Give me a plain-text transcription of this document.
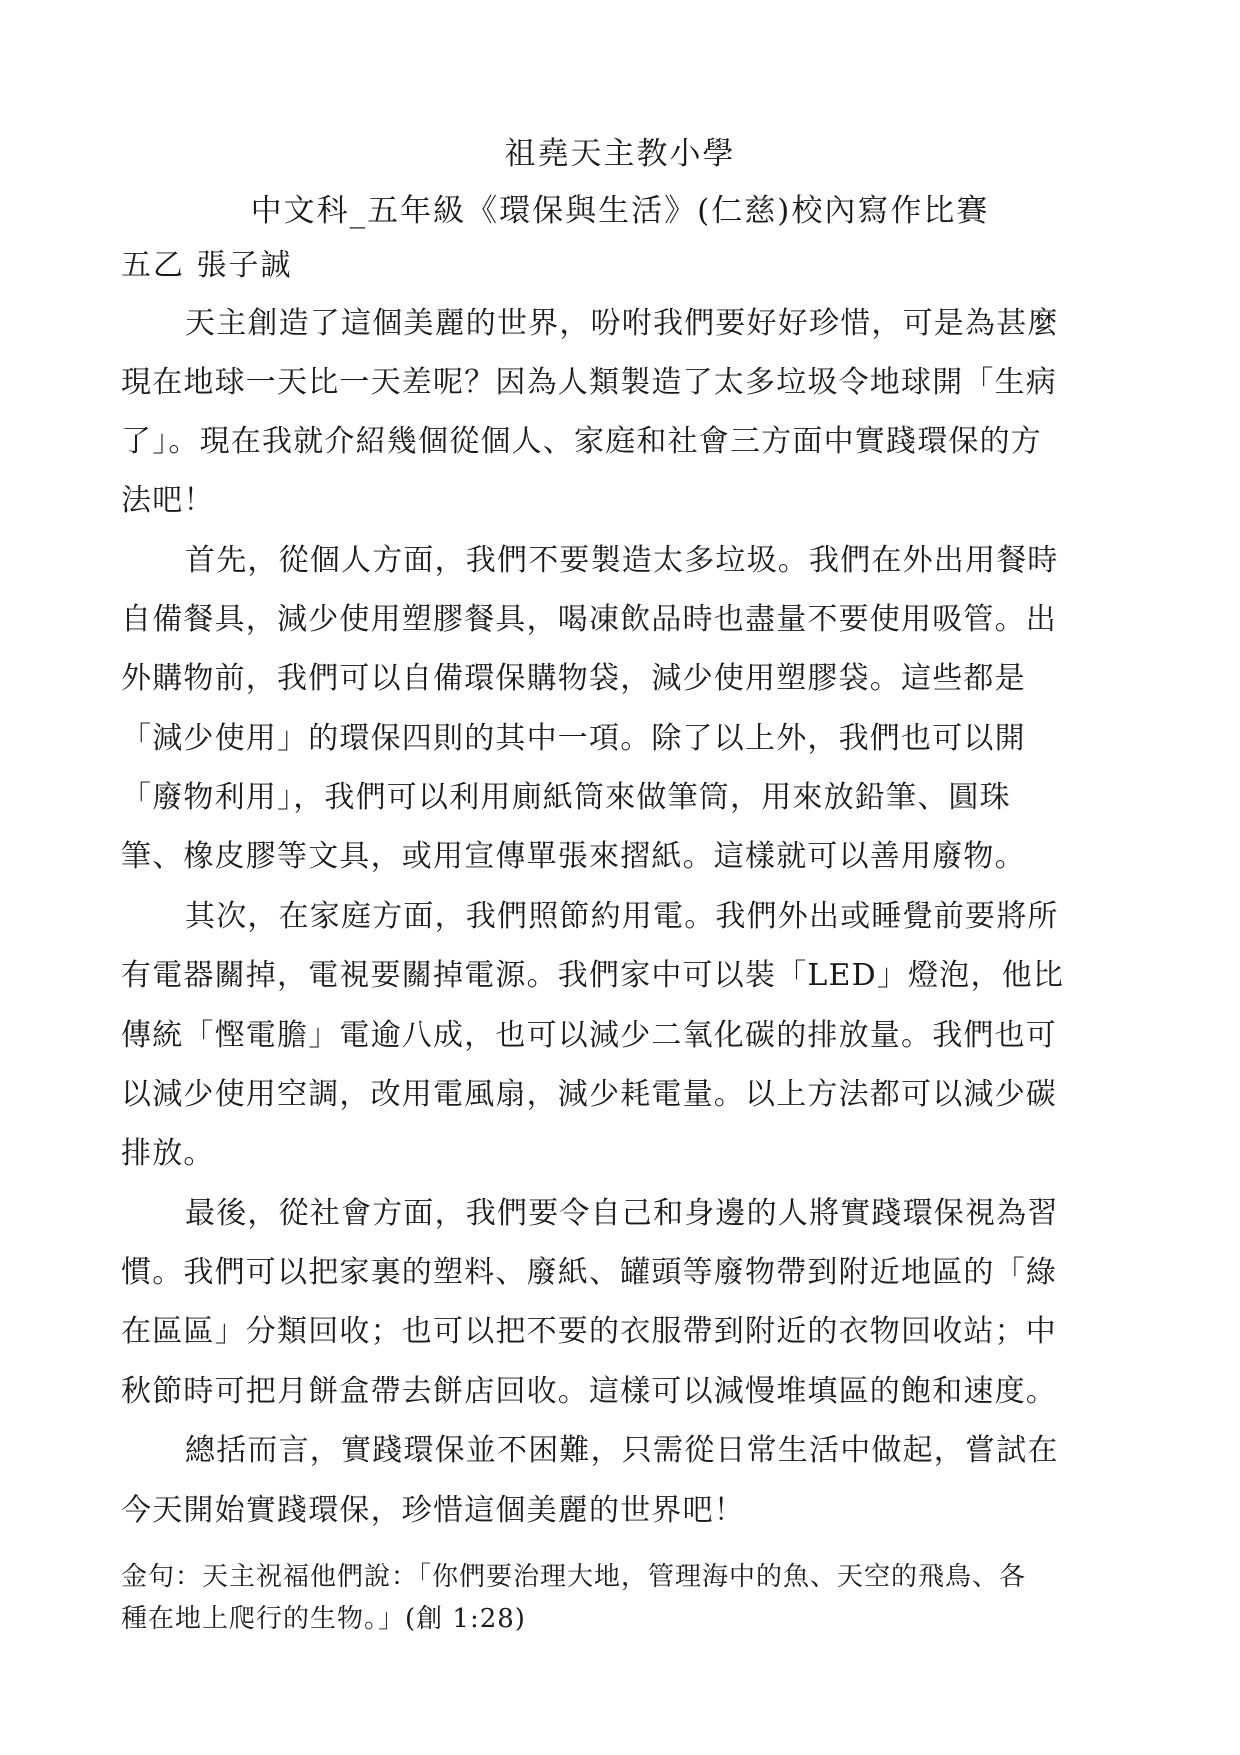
祖堯天主教小學
中文科_五年級《環保與生活》(仁慈)校內寫作比賽
五乙 張子誠
天主創造了這個美麗的世界，吩咐我們要好好珍惜，可是為甚麼
現在地球一天比一天差呢？因為人類製造了太多垃圾令地球開「生病
了」。現在我就介紹幾個從個人、家庭和社會三方面中實踐環保的方
法吧！
首先，從個人方面，我們不要製造太多垃圾。我們在外出用餐時
自備餐具，減少使用塑膠餐具，喝凍飲品時也盡量不要使用吸管。出
外購物前，我們可以自備環保購物袋，減少使用塑膠袋。這些都是
「減少使用」的環保四則的其中一項。除了以上外，我們也可以開
「廢物利用」，我們可以利用廁紙筒來做筆筒，用來放鉛筆、圓珠
筆、橡皮膠等文具，或用宣傳單張來摺紙。這樣就可以善用廢物。
其次，在家庭方面，我們照節約用電。我們外出或睡覺前要將所
有電器關掉，電視要關掉電源。我們家中可以裝「LED」燈泡，他比
傳統「慳電膽」電逾八成，也可以減少二氧化碳的排放量。我們也可
以減少使用空調，改用電風扇，減少耗電量。以上方法都可以減少碳
排放。
最後，從社會方面，我們要令自己和身邊的人將實踐環保視為習
慣。我們可以把家裏的塑料、廢紙、罐頭等廢物帶到附近地區的「綠
在區區」分類回收；也可以把不要的衣服帶到附近的衣物回收站；中
秋節時可把月餅盒帶去餅店回收。這樣可以減慢堆填區的飽和速度。
總括而言，實踐環保並不困難，只需從日常生活中做起，嘗試在
今天開始實踐環保，珍惜這個美麗的世界吧！
金句：天主祝福他們說：「你們要治理大地，管理海中的魚、天空的飛鳥、各
種在地上爬行的生物。」(創 1:28)
